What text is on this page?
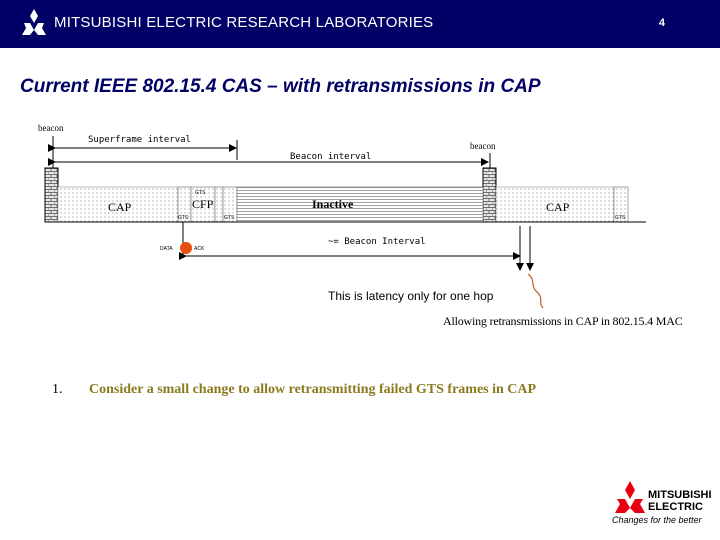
MITSUBISHI ELECTRIC RESEARCH LABORATORIES	4
Current IEEE 802.15.4 CAS – with retransmissions in CAP
beacon
Superframe interval
beacon
Beacon interval
CAP
GTS
CFP
GTS	GTS
Inactive	CAP
GTS
DATA	ACK
~= Beacon Interval
This is latency only for one hop
Allowing retransmissions in CAP in 802.15.4 MAC
1. Consider a small change to allow retransmitting failed GTS frames in CAP
MITSUBISHI
ELECTRIC
Changes for the better
